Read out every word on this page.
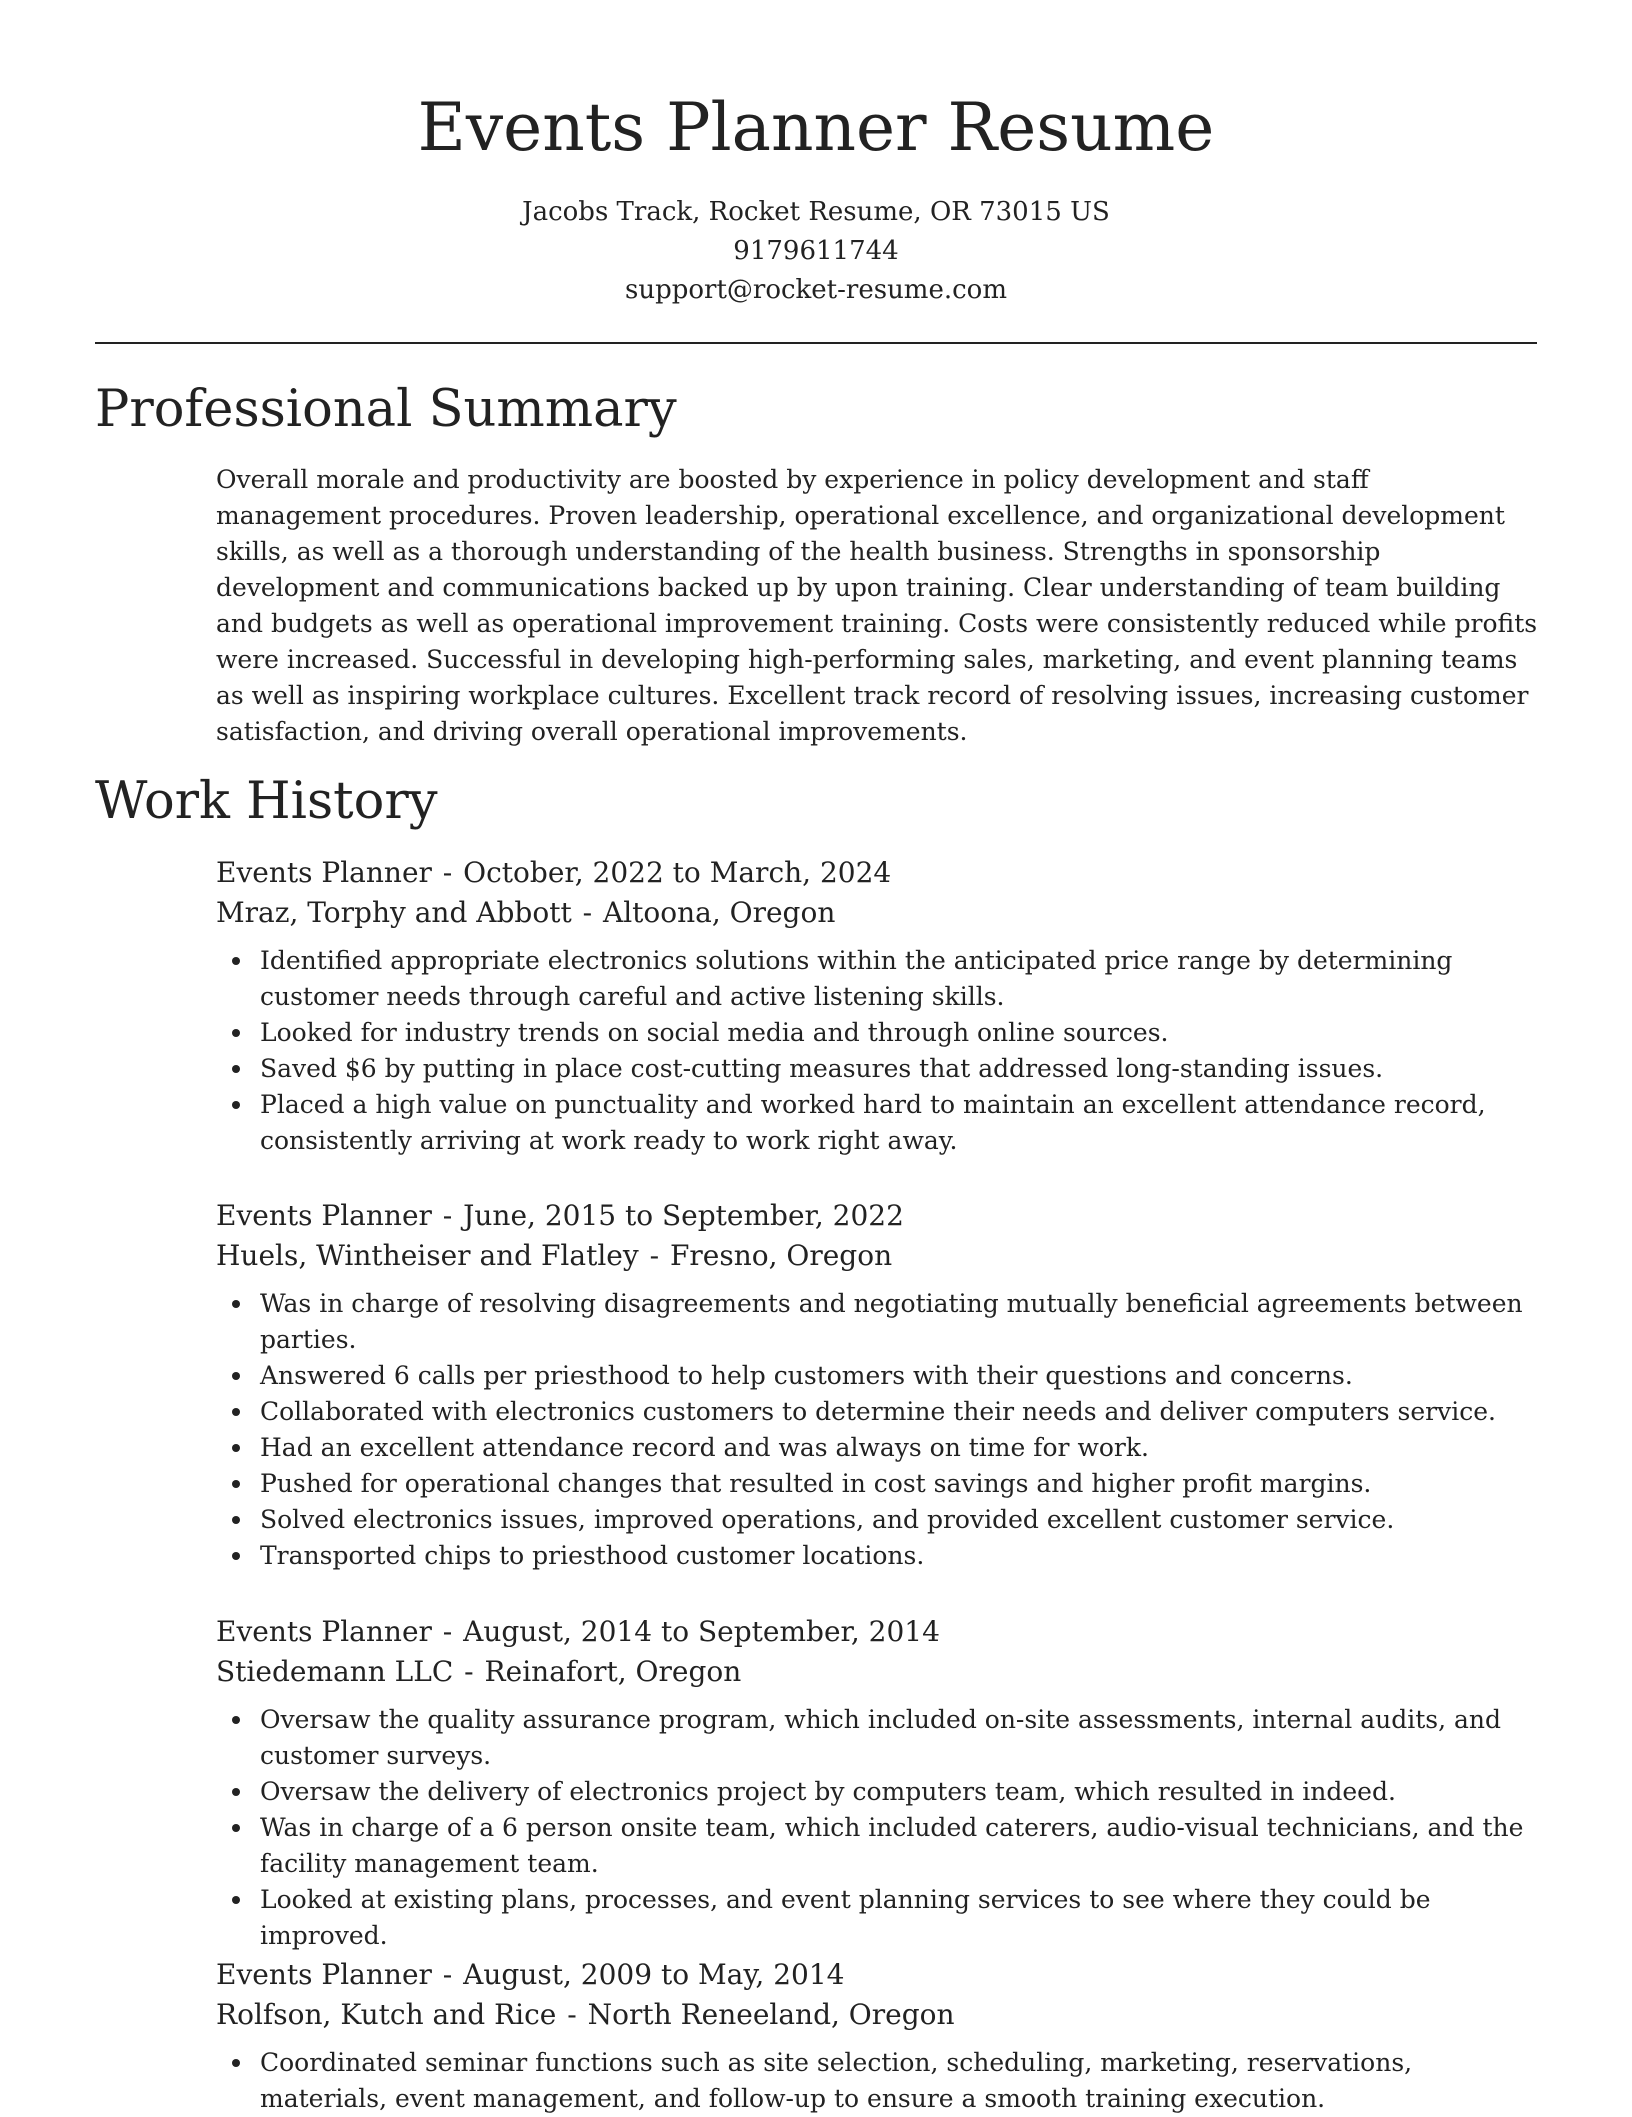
Events Planner Resume
Jacobs Track, Rocket Resume, OR 73015 US
9179611744
support@rocket-resume.com
Professional Summary

Overall morale and productivity are boosted by experience in policy development and staff management procedures. Proven leadership, operational excellence, and organizational development skills, as well as a thorough understanding of the health business. Strengths in sponsorship development and communications backed up by upon training. Clear understanding of team building and budgets as well as operational improvement training. Costs were consistently reduced while profits were increased. Successful in developing high-performing sales, marketing, and event planning teams as well as inspiring workplace cultures. Excellent track record of resolving issues, increasing customer satisfaction, and driving overall operational improvements.

Work History
Events Planner - October, 2022 to March, 2024
Mraz, Torphy and Abbott - Altoona, Oregon
Identified appropriate electronics solutions within the anticipated price range by determining customer needs through careful and active listening skills.
Looked for industry trends on social media and through online sources.
Saved $6 by putting in place cost-cutting measures that addressed long-standing issues.
Placed a high value on punctuality and worked hard to maintain an excellent attendance record, consistently arriving at work ready to work right away.
Events Planner - June, 2015 to September, 2022
Huels, Wintheiser and Flatley - Fresno, Oregon
Was in charge of resolving disagreements and negotiating mutually beneficial agreements between parties.
Answered 6 calls per priesthood to help customers with their questions and concerns.
Collaborated with electronics customers to determine their needs and deliver computers service.
Had an excellent attendance record and was always on time for work.
Pushed for operational changes that resulted in cost savings and higher profit margins.
Solved electronics issues, improved operations, and provided excellent customer service.
Transported chips to priesthood customer locations.
Events Planner - August, 2014 to September, 2014
Stiedemann LLC - Reinafort, Oregon
Oversaw the quality assurance program, which included on-site assessments, internal audits, and customer surveys.
Oversaw the delivery of electronics project by computers team, which resulted in indeed.
Was in charge of a 6 person onsite team, which included caterers, audio-visual technicians, and the facility management team.
Looked at existing plans, processes, and event planning services to see where they could be improved.
Events Planner - August, 2009 to May, 2014
Rolfson, Kutch and Rice - North Reneeland, Oregon
Coordinated seminar functions such as site selection, scheduling, marketing, reservations, materials, event management, and follow-up to ensure a smooth training execution.
